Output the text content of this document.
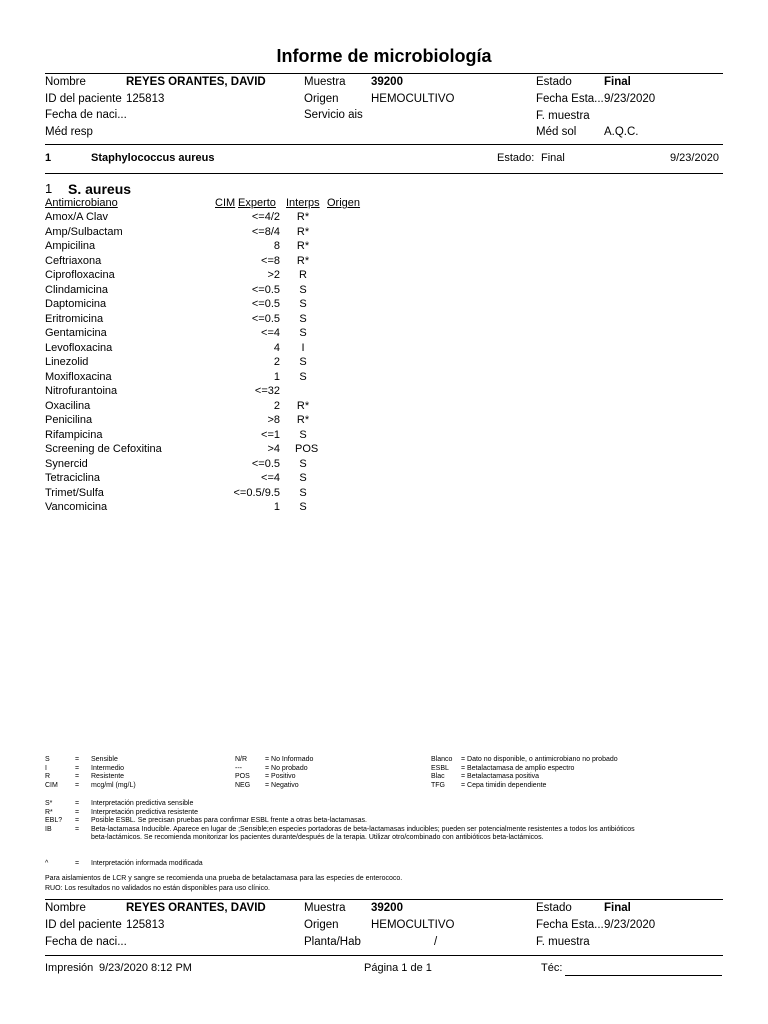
Informe de microbiología
Nombre	REYES ORANTES, DAVID	Muestra 39200	Estado	Final
ID del paciente 125813	Origen	HEMOCULTIVO	Fecha Esta... 9/23/2020
Fecha de naci...	Servicio ais	F. muestra
Méd resp	Méd sol A.Q.C.
1	Staphylococcus aureus	Estado: Final	9/23/2020
1 S. aureus
Antimicrobiano	CIM Experto Interps Origen
Amox/A Clav	<=4/2 R*
Amp/Sulbactam	<=8/4 R*
Ampicilina	8 R*
Ceftriaxona	<=8 R*
Ciprofloxacina	>2	R
Clindamicina	<=0.5	S
Daptomicina	<=0.5	S
Eritromicina	<=0.5	S
Gentamicina	<=4	S
Levofloxacina	4	I
Linezolid	2	S
Moxifloxacina	1	S
Nitrofurantoina	<=32
Oxacilina	2 R*
Penicilina	>8 R*
Rifampicina	<=1	S
Screening de Cefoxitina	>4 POS
Synercid	<=0.5	S
Tetraciclina	<=4	S
Trimet/Sulfa	<=0.5/9.5	S
Vancomicina	1	S
S	= Sensible
I	= Intermedio
R	= Resistente
CIM = mcg/ml (mg/L)
N/R	= No Informado
---	= No probado
POS = Positivo
NEG = Negativo
Blanco = Dato no disponible, o antimicrobiano no probado
ESBL = Betalactamasa de amplio espectro
Blac = Betalactamasa positiva
TFG = Cepa timidin dependiente
S*	= Interpretación predictiva sensible
R*	= Interpretación predictiva resistente
EBL? = Posible ESBL. Se precisan pruebas para confirmar ESBL frente a otras beta-lactamasas.
IB	= Beta-lactamasa Inducible. Aparece en lugar de ;Sensible;en especies portadoras de beta-lactamasas inducibles; pueden ser potencialmente resistentes a todos los antibióticos
beta-lactámicos. Se recomienda monitorizar los pacientes durante/después de la terapia. Utilizar otro/combinado con antibióticos beta-lactámicos.
^	= Interpretación informada modificada
Para aislamientos de LCR y sangre se recomienda una prueba de betalactamasa para las especies de enterococo.
RUO: Los resultados no validados no están disponibles para uso clínico.
Nombre	REYES ORANTES, DAVID	Muestra 39200	Estado	Final
ID del paciente 125813	Origen	HEMOCULTIVO	Fecha Esta... 9/23/2020
Fecha de naci...	Planta/Hab	/	F. muestra
Impresión 9/23/2020 8:12 PM	Página 1 de 1	Téc:
